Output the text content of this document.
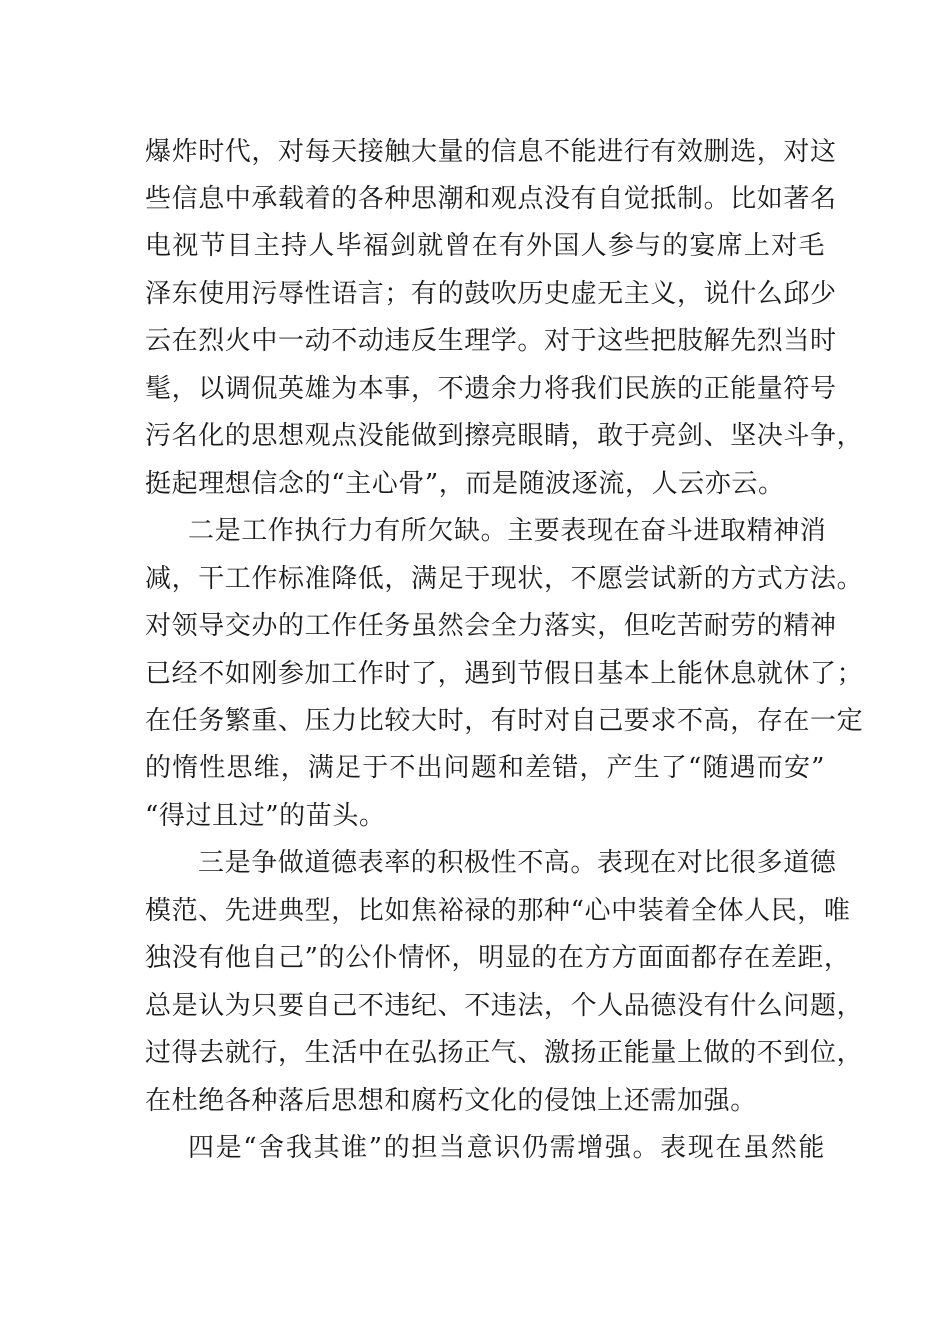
爆炸时代，对每天接触大量的信息不能进行有效删选，对这
些信息中承载着的各种思潮和观点没有自觉抵制。比如著名
电视节目主持人毕福剑就曾在有外国人参与的宴席上对毛
泽东使用污辱性语言；有的鼓吹历史虚无主义，说什么邱少
云在烈火中一动不动违反生理学。对于这些把肢解先烈当时
髦，以调侃英雄为本事，不遗余力将我们民族的正能量符号
污名化的思想观点没能做到擦亮眼睛，敢于亮剑、坚决斗争，
挺起理想信念的“主心骨”，而是随波逐流，人云亦云。
二是工作执行力有所欠缺。主要表现在奋斗进取精神消
减，干工作标准降低，满足于现状，不愿尝试新的方式方法。
对领导交办的工作任务虽然会全力落实，但吃苦耐劳的精神
已经不如刚参加工作时了，遇到节假日基本上能休息就休了；
在任务繁重、压力比较大时，有时对自己要求不高，存在一定
的惰性思维，满足于不出问题和差错，产生了“随遇而安”
“得过且过”的苗头。
三是争做道德表率的积极性不高。表现在对比很多道德
模范、先进典型，比如焦裕禄的那种“心中装着全体人民，唯
独没有他自己”的公仆情怀，明显的在方方面面都存在差距，
总是认为只要自己不违纪、不违法，个人品德没有什么问题，
过得去就行，生活中在弘扬正气、激扬正能量上做的不到位，
在杜绝各种落后思想和腐朽文化的侵蚀上还需加强。
四是“舍我其谁”的担当意识仍需增强。表现在虽然能
